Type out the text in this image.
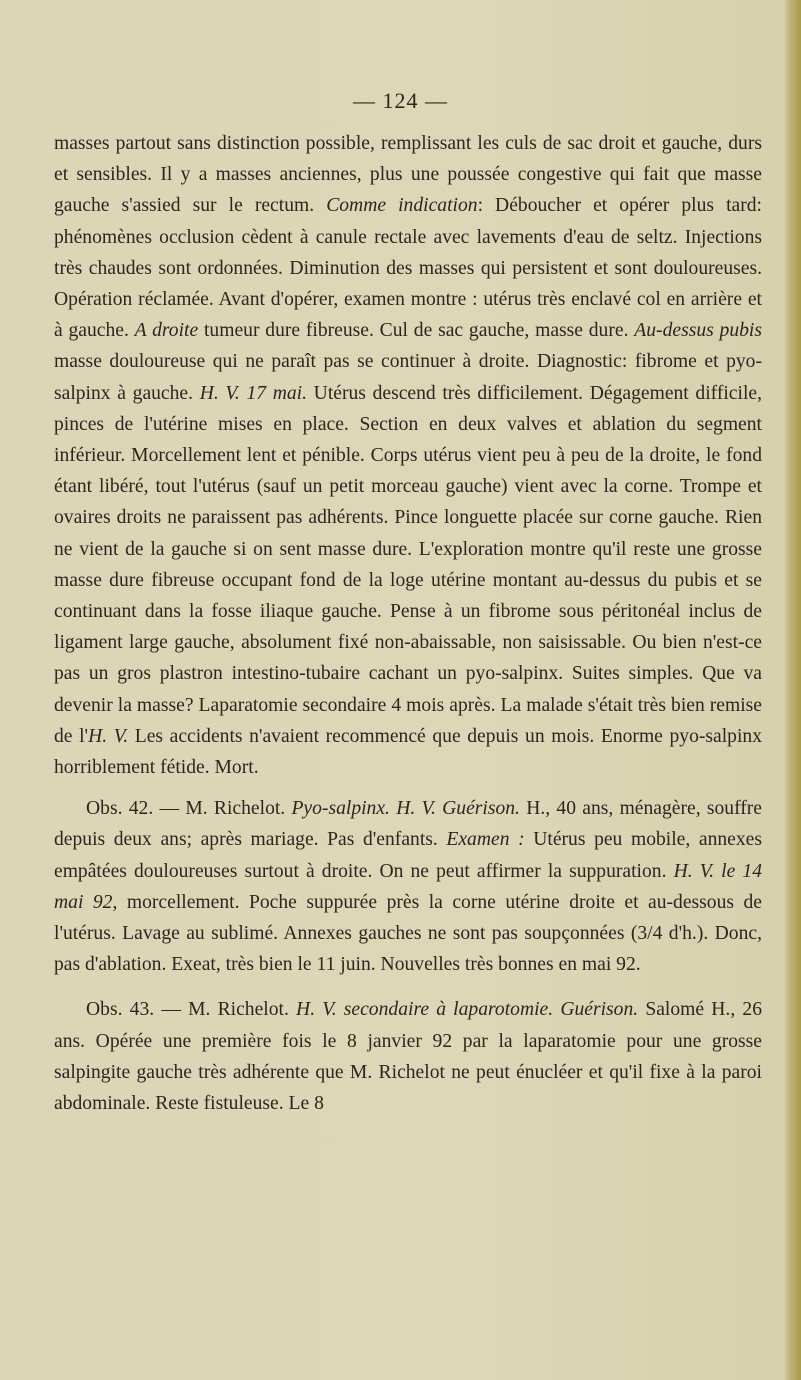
— 124 —

masses partout sans distinction possible, remplissant les culs de sac droit et gauche, durs et sensibles. Il y a masses anciennes, plus une poussée congestive qui fait que masse gauche s'assied sur le rectum. Comme indication: Déboucher et opérer plus tard: phénomènes occlusion cèdent à canule rectale avec lavements d'eau de seltz. Injections très chaudes sont ordonnées. Diminution des masses qui persistent et sont douloureuses. Opération réclamée. Avant d'opérer, examen montre : utérus très enclavé col en arrière et à gauche. A droite tumeur dure fibreuse. Cul de sac gauche, masse dure. Au-dessus pubis masse douloureuse qui ne paraît pas se continuer à droite. Diagnostic: fibrome et pyo-salpinx à gauche. H. V. 17 mai. Utérus descend très difficilement. Dégagement difficile, pinces de l'utérine mises en place. Section en deux valves et ablation du segment inférieur. Morcellement lent et pénible. Corps utérus vient peu à peu de la droite, le fond étant libéré, tout l'utérus (sauf un petit morceau gauche) vient avec la corne. Trompe et ovaires droits ne paraissent pas adhérents. Pince longuette placée sur corne gauche. Rien ne vient de la gauche si on sent masse dure. L'exploration montre qu'il reste une grosse masse dure fibreuse occupant fond de la loge utérine montant au-dessus du pubis et se continuant dans la fosse iliaque gauche. Pense à un fibrome sous péritonéal inclus de ligament large gauche, absolument fixé non-abaissable, non saisissable. Ou bien n'est-ce pas un gros plastron intestino-tubaire cachant un pyo-salpinx. Suites simples. Que va devenir la masse? Laparatomie secondaire 4 mois après. La malade s'était très bien remise de l'H. V. Les accidents n'avaient recommencé que depuis un mois. Enorme pyo-salpinx horriblement fétide. Mort.

Obs. 42. — M. Richelot. Pyo-salpinx. H. V. Guérison. H., 40 ans, ménagère, souffre depuis deux ans; après mariage. Pas d'enfants. Examen : Utérus peu mobile, annexes empâtées douloureuses surtout à droite. On ne peut affirmer la suppuration. H. V. le 14 mai 92, morcellement. Poche suppurée près la corne utérine droite et au-dessous de l'utérus. Lavage au sublimé. Annexes gauches ne sont pas soupçonnées (3/4 d'h.). Donc, pas d'ablation. Exeat, très bien le 11 juin. Nouvelles très bonnes en mai 92.

Obs. 43. — M. Richelot. H. V. secondaire à laparotomie. Guérison. Salomé H., 26 ans. Opérée une première fois le 8 janvier 92 par la laparatomie pour une grosse salpingite gauche très adhérente que M. Richelot ne peut énucléer et qu'il fixe à la paroi abdominale. Reste fistuleuse. Le 8
